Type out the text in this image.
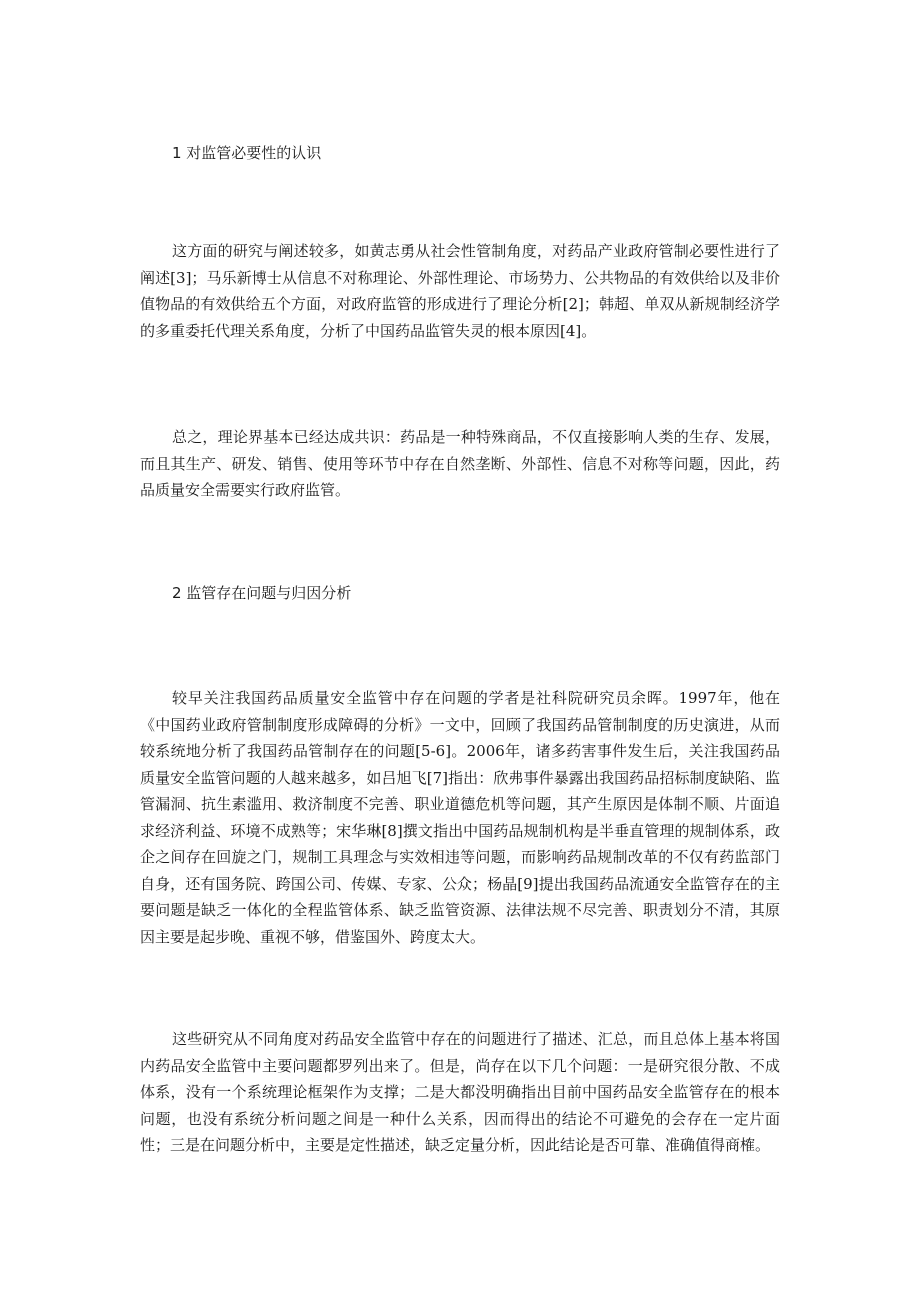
1 对监管必要性的认识

这方面的研究与阐述较多，如黄志勇从社会性管制角度，对药品产业政府管制必要性进行了阐述[3]；马乐新博士从信息不对称理论、外部性理论、市场势力、公共物品的有效供给以及非价值物品的有效供给五个方面，对政府监管的形成进行了理论分析[2]；韩超、单双从新规制经济学的多重委托代理关系角度，分析了中国药品监管失灵的根本原因[4]。

总之，理论界基本已经达成共识：药品是一种特殊商品，不仅直接影响人类的生存、发展，而且其生产、研发、销售、使用等环节中存在自然垄断、外部性、信息不对称等问题，因此，药品质量安全需要实行政府监管。

2 监管存在问题与归因分析

较早关注我国药品质量安全监管中存在问题的学者是社科院研究员余晖。1997年，他在《中国药业政府管制制度形成障碍的分析》一文中，回顾了我国药品管制制度的历史演进，从而较系统地分析了我国药品管制存在的问题[5-6]。2006年，诸多药害事件发生后，关注我国药品质量安全监管问题的人越来越多，如吕旭飞[7]指出：欣弗事件暴露出我国药品招标制度缺陷、监管漏洞、抗生素滥用、救济制度不完善、职业道德危机等问题，其产生原因是体制不顺、片面追求经济利益、环境不成熟等；宋华琳[8]撰文指出中国药品规制机构是半垂直管理的规制体系，政企之间存在回旋之门，规制工具理念与实效相违等问题，而影响药品规制改革的不仅有药监部门自身，还有国务院、跨国公司、传媒、专家、公众；杨晶[9]提出我国药品流通安全监管存在的主要问题是缺乏一体化的全程监管体系、缺乏监管资源、法律法规不尽完善、职责划分不清，其原因主要是起步晚、重视不够，借鉴国外、跨度太大。

这些研究从不同角度对药品安全监管中存在的问题进行了描述、汇总，而且总体上基本将国内药品安全监管中主要问题都罗列出来了。但是，尚存在以下几个问题：一是研究很分散、不成体系，没有一个系统理论框架作为支撑；二是大都没明确指出目前中国药品安全监管存在的根本问题，也没有系统分析问题之间是一种什么关系，因而得出的结论不可避免的会存在一定片面性；三是在问题分析中，主要是定性描述，缺乏定量分析，因此结论是否可靠、准确值得商榷。
